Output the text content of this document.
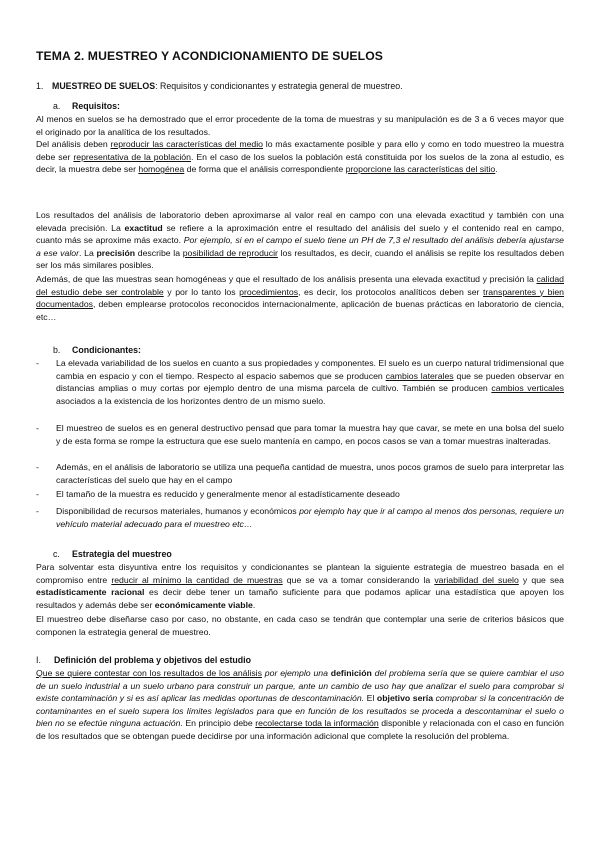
TEMA 2. MUESTREO Y ACONDICIONAMIENTO DE SUELOS

1. MUESTREO DE SUELOS: Requisitos y condicionantes y estrategia general de muestreo.

a. Requisitos:

Al menos en suelos se ha demostrado que el error procedente de la toma de muestras y su manipulación es de 3 a 6 veces mayor que el originado por la analítica de los resultados.

Del análisis deben reproducir las características del medio lo más exactamente posible y para ello y como en todo muestreo la muestra debe ser representativa de la población. En el caso de los suelos la población está constituida por los suelos de la zona al estudio, es decir, la muestra debe ser homogénea de forma que el análisis correspondiente proporcione las características del sitio.

Los resultados del análisis de laboratorio deben aproximarse al valor real en campo con una elevada exactitud y también con una elevada precisión. La exactitud se refiere a la aproximación entre el resultado del análisis del suelo y el contenido real en campo, cuanto más se aproxime más exacto. Por ejemplo, si en el campo el suelo tiene un PH de 7,3 el resultado del análisis debería ajustarse a ese valor. La precisión describe la posibilidad de reproducir los resultados, es decir, cuando el análisis se repite los resultados deben ser los más similares posibles.

Además, de que las muestras sean homogéneas y que el resultado de los análisis presenta una elevada exactitud y precisión la calidad del estudio debe ser controlable y por lo tanto los procedimientos, es decir, los protocolos analíticos deben ser transparentes y bien documentados, deben emplearse protocolos reconocidos internacionalmente, aplicación de buenas prácticas en laboratorio de ciencia, etc…

b. Condicionantes:

-	La elevada variabilidad de los suelos en cuanto a sus propiedades y componentes. El suelo es un cuerpo natural tridimensional que cambia en espacio y con el tiempo. Respecto al espacio sabemos que se producen cambios laterales que se pueden observar en distancias amplias o muy cortas por ejemplo dentro de una misma parcela de cultivo. También se producen cambios verticales asociados a la existencia de los horizontes dentro de un mismo suelo.

-	El muestreo de suelos es en general destructivo pensad que para tomar la muestra hay que cavar, se mete en una bolsa del suelo y de esta forma se rompe la estructura que ese suelo mantenía en campo, en pocos casos se van a tomar muestras inalteradas.

-	Además, en el análisis de laboratorio se utiliza una pequeña cantidad de muestra, unos pocos gramos de suelo para interpretar las características del suelo que hay en el campo

-	El tamaño de la muestra es reducido y generalmente menor al estadísticamente deseado

-	Disponibilidad de recursos materiales, humanos y económicos por ejemplo hay que ir al campo al menos dos personas, requiere un vehículo material adecuado para el muestreo etc…

c. Estrategia del muestreo

Para solventar esta disyuntiva entre los requisitos y condicionantes se plantean la siguiente estrategia de muestreo basada en el compromiso entre reducir al mínimo la cantidad de muestras que se va a tomar considerando la variabilidad del suelo y que sea estadísticamente racional es decir debe tener un tamaño suficiente para que podamos aplicar una estadística que apoyen los resultados y además debe ser económicamente viable.

El muestreo debe diseñarse caso por caso, no obstante, en cada caso se tendrán que contemplar una serie de criterios básicos que componen la estrategia general de muestreo.

I. Definición del problema y objetivos del estudio

Que se quiere contestar con los resultados de los análisis por ejemplo una definición del problema sería que se quiere cambiar el uso de un suelo industrial a un suelo urbano para construir un parque, ante un cambio de uso hay que analizar el suelo para comprobar si existe contaminación y si es así aplicar las medidas oportunas de descontaminación. El objetivo sería comprobar si la concentración de contaminantes en el suelo supera los límites legislados para que en función de los resultados se proceda a descontaminar el suelo o bien no se efectúe ninguna actuación. En principio debe recolectarse toda la información disponible y relacionada con el caso en función de los resultados que se obtengan puede decidirse por una información adicional que complete la resolución del problema.
